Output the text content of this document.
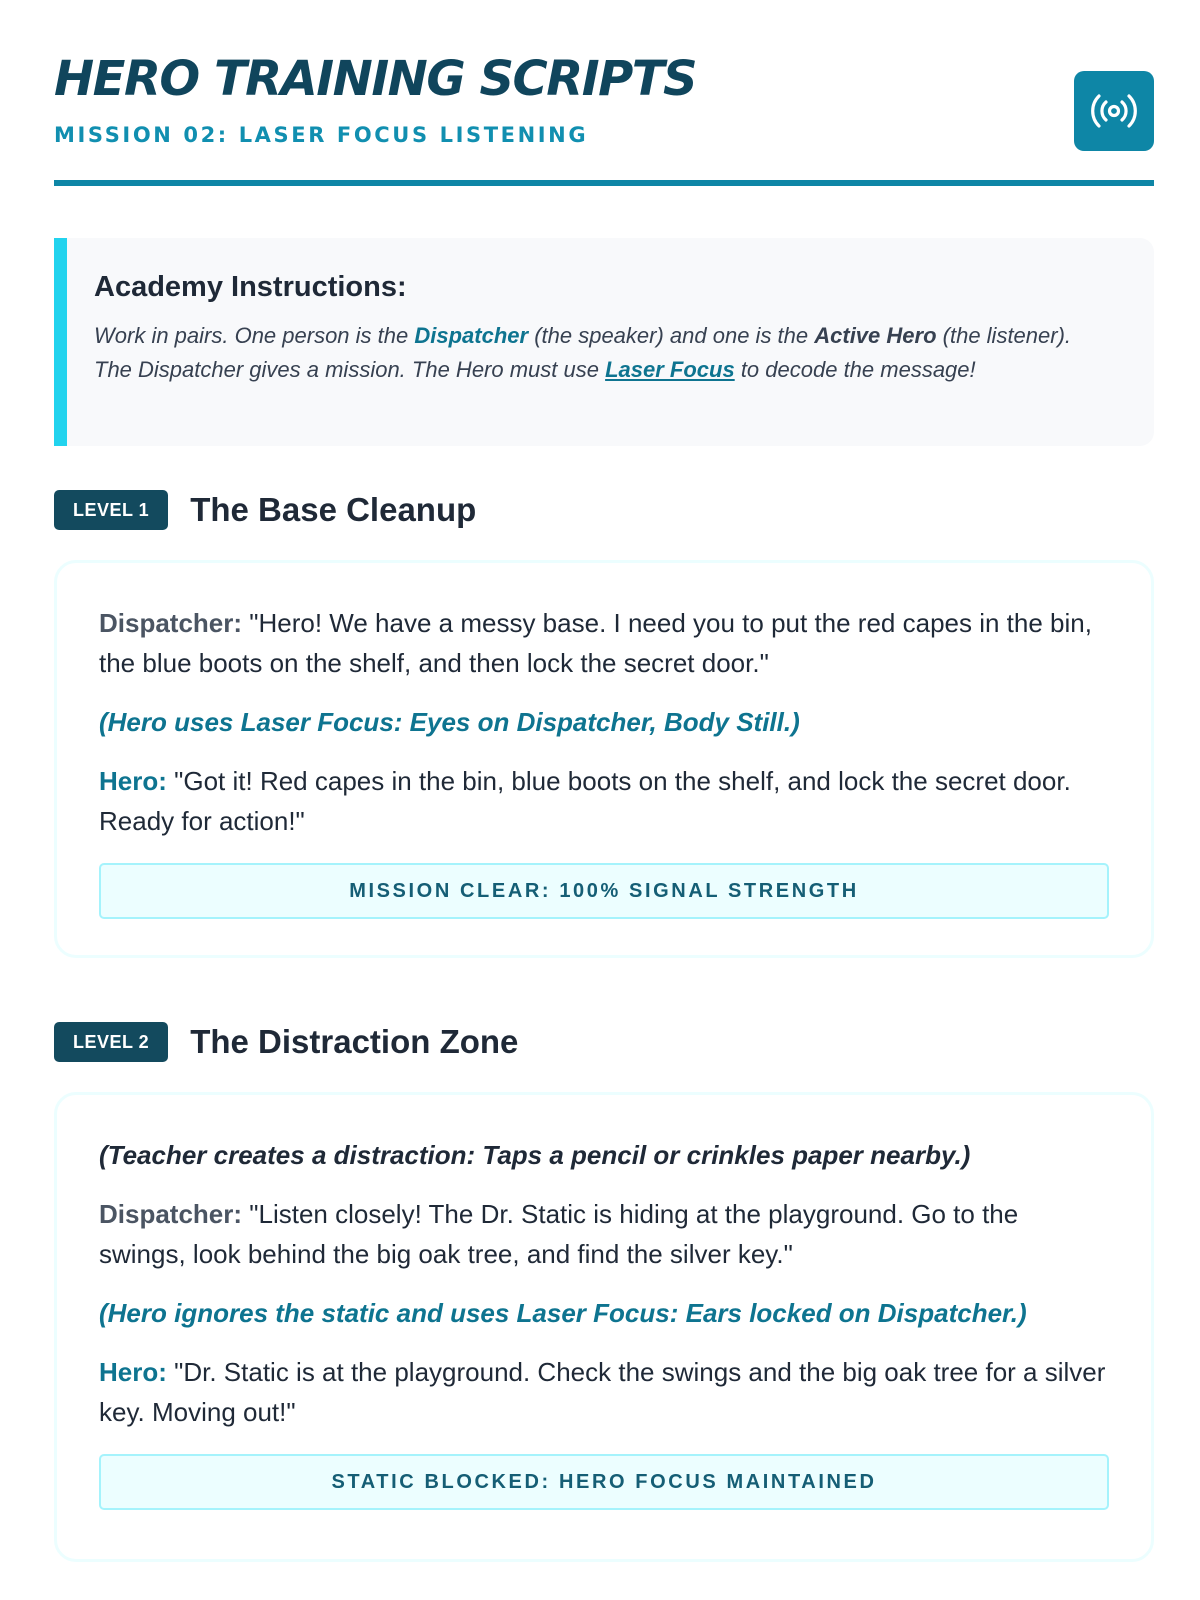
HERO TRAINING SCRIPTS
MISSION 02: LASER FOCUS LISTENING
Academy Instructions:

Work in pairs. One person is the Dispatcher (the speaker) and one is the Active Hero (the listener). The Dispatcher gives a mission. The Hero must use Laser Focus to decode the message!

LEVEL 1	The Base Cleanup

Dispatcher: "Hero! We have a messy base. I need you to put the red capes in the bin, the blue boots on the shelf, and then lock the secret door."

(Hero uses Laser Focus: Eyes on Dispatcher, Body Still.)

Hero: "Got it! Red capes in the bin, blue boots on the shelf, and lock the secret door. Ready for action!"

MISSION CLEAR: 100% SIGNAL STRENGTH
LEVEL 2	The Distraction Zone

(Teacher creates a distraction: Taps a pencil or crinkles paper nearby.)

Dispatcher: "Listen closely! The Dr. Static is hiding at the playground. Go to the swings, look behind the big oak tree, and find the silver key."

(Hero ignores the static and uses Laser Focus: Ears locked on Dispatcher.)

Hero: "Dr. Static is at the playground. Check the swings and the big oak tree for a silver key. Moving out!"

STATIC BLOCKED: HERO FOCUS MAINTAINED
